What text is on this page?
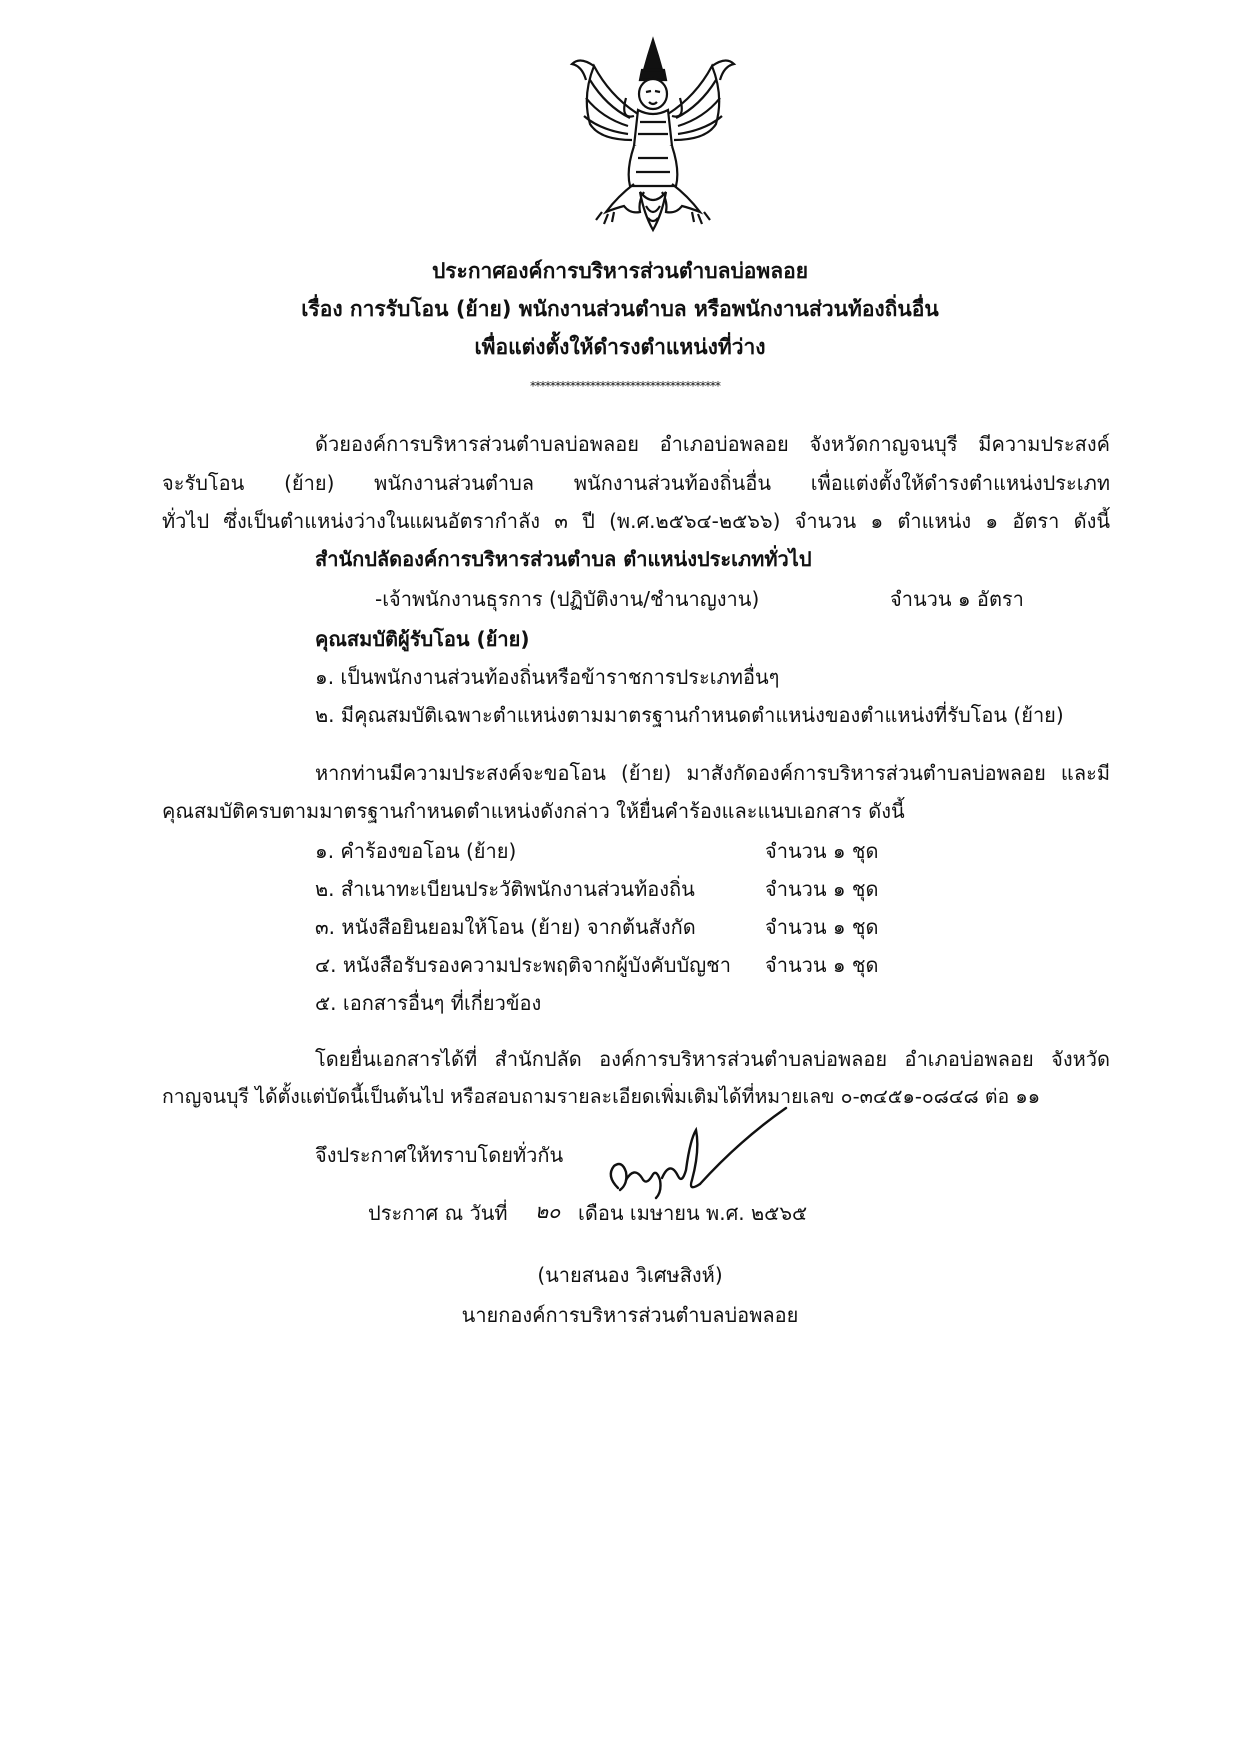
ประกาศองค์การบริหารส่วนตำบลบ่อพลอย
เรื่อง การรับโอน (ย้าย) พนักงานส่วนตำบล หรือพนักงานส่วนท้องถิ่นอื่น
เพื่อแต่งตั้งให้ดำรงตำแหน่งที่ว่าง
**************************************
ด้วยองค์การบริหารส่วนตำบลบ่อพลอย อำเภอบ่อพลอย จังหวัดกาญจนบุรี มีความประสงค์
จะรับโอน (ย้าย) พนักงานส่วนตำบล พนักงานส่วนท้องถิ่นอื่น เพื่อแต่งตั้งให้ดำรงตำแหน่งประเภท
ทั่วไป ซึ่งเป็นตำแหน่งว่างในแผนอัตรากำลัง ๓ ปี (พ.ศ.๒๕๖๔-๒๕๖๖) จำนวน ๑ ตำแหน่ง ๑ อัตรา ดังนี้
สำนักปลัดองค์การบริหารส่วนตำบล ตำแหน่งประเภททั่วไป
-เจ้าพนักงานธุรการ (ปฏิบัติงาน/ชำนาญงาน)	จำนวน ๑ อัตรา
คุณสมบัติผู้รับโอน (ย้าย)
๑. เป็นพนักงานส่วนท้องถิ่นหรือข้าราชการประเภทอื่นๆ
๒. มีคุณสมบัติเฉพาะตำแหน่งตามมาตรฐานกำหนดตำแหน่งของตำแหน่งที่รับโอน (ย้าย)
หากท่านมีความประสงค์จะขอโอน (ย้าย) มาสังกัดองค์การบริหารส่วนตำบลบ่อพลอย และมี
คุณสมบัติครบตามมาตรฐานกำหนดตำแหน่งดังกล่าว ให้ยื่นคำร้องและแนบเอกสาร ดังนี้
๑. คำร้องขอโอน (ย้าย)	จำนวน ๑ ชุด
๒. สำเนาทะเบียนประวัติพนักงานส่วนท้องถิ่น	จำนวน ๑ ชุด
๓. หนังสือยินยอมให้โอน (ย้าย) จากต้นสังกัด	จำนวน ๑ ชุด
๔. หนังสือรับรองความประพฤติจากผู้บังคับบัญชา จำนวน ๑ ชุด
๕. เอกสารอื่นๆ ที่เกี่ยวข้อง
โดยยื่นเอกสารได้ที่ สำนักปลัด องค์การบริหารส่วนตำบลบ่อพลอย อำเภอบ่อพลอย จังหวัด
กาญจนบุรี ได้ตั้งแต่บัดนี้เป็นต้นไป หรือสอบถามรายละเอียดเพิ่มเติมได้ที่หมายเลข ๐-๓๔๕๑-๐๘๔๘ ต่อ ๑๑
จึงประกาศให้ทราบโดยทั่วกัน
ประกาศ ณ วันที่ ๒๐ เดือน เมษายน พ.ศ. ๒๕๖๕
(นายสนอง วิเศษสิงห์)
นายกองค์การบริหารส่วนตำบลบ่อพลอย
